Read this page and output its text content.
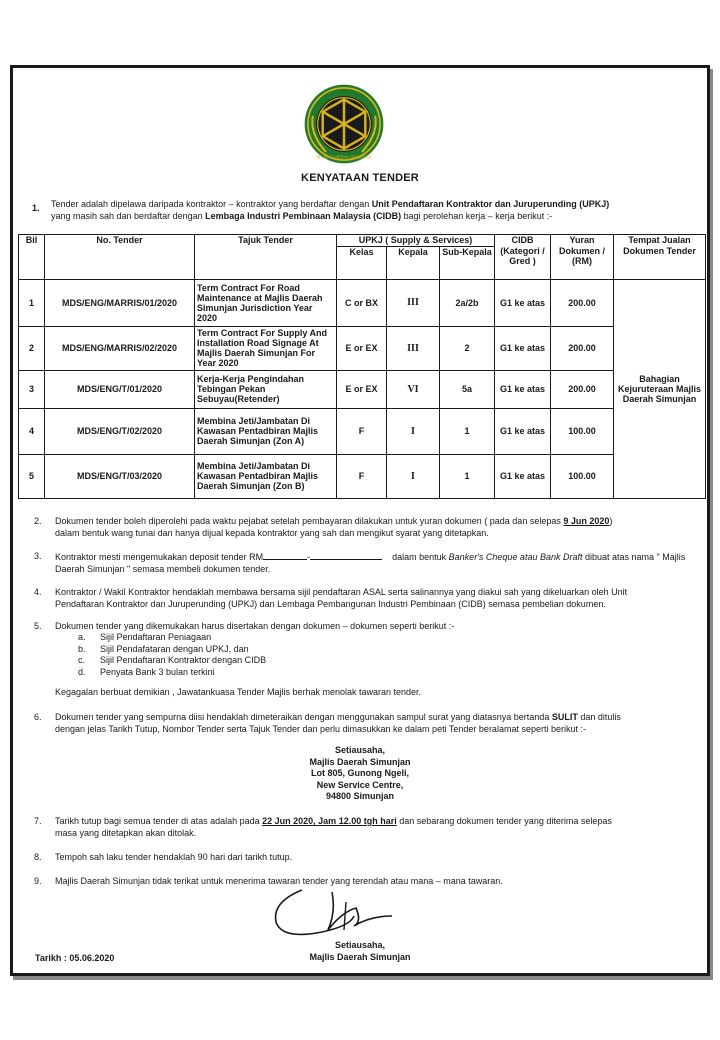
MAJLIS DAERAH SIMUNJAN
KENYATAAN TENDER
1. Tender adalah dipelawa daripada kontraktor – kontraktor yang berdaftar dengan Unit Pendaftaran Kontraktor dan Juruperunding (UPKJ)
yang masih sah dan berdaftar dengan Lembaga Industri Pembinaan Malaysia (CIDB) bagi perolehan kerja – kerja berikut :-
Bil	No. Tender	Tajuk Tender	UPKJ ( Supply & Services)			CIDB (Kategori / Gred )	Yuran Dokumen / (RM)	Tempat Jualan Dokumen Tender
			Kelas	Kepala	Sub-Kepala			
1	MDS/ENG/MARRIS/01/2020	Term Contract For Road Maintenance at Majlis Daerah Simunjan Jurisdiction Year 2020	C or BX	III	2a/2b	G1 ke atas	200.00	Bahagian Kejuruteraan Majlis Daerah Simunjan
2	MDS/ENG/MARRIS/02/2020	Term Contract For Supply And Installation Road Signage At Majlis Daerah Simunjan For Year 2020	E or EX	III	2	G1 ke atas	200.00	
3	MDS/ENG/T/01/2020	Kerja-Kerja Pengindahan Tebingan Pekan Sebuyau(Retender)	E or EX	VI	5a	G1 ke atas	200.00	
4	MDS/ENG/T/02/2020	Membina Jeti/Jambatan Di Kawasan Pentadbiran Majlis Daerah Simunjan (Zon A)	F	I	1	G1 ke atas	100.00	
5	MDS/ENG/T/03/2020	Membina Jeti/Jambatan Di Kawasan Pentadbiran Majlis Daerah Simunjan (Zon B)	F	I	1	G1 ke atas	100.00	
2. Dokumen tender boleh diperolehi pada waktu pejabat setelah pembayaran dilakukan untuk yuran dokumen ( pada dan selepas 9 Jun 2020)
dalam bentuk wang tunai dan hanya dijual kepada kontraktor yang sah dan mengikut syarat yang ditetapkan.
3. Kontraktor mesti mengemukakan deposit tender RM	-	dalam bentuk Banker's Cheque atau Bank Draft dibuat atas nama " Majlis
Daerah Simunjan " semasa membeli dokumen tender.
4. Kontraktor / Wakil Kontraktor hendaklah membawa bersama sijil pendaftaran ASAL serta salinannya yang diakui sah yang dikeluarkan oleh Unit
Pendaftaran Kontraktor dan Juruperunding (UPKJ) dan Lembaga Pembangunan Industri Pembinaan (CIDB) semasa pembelian dokumen.
5. Dokumen tender yang dikemukakan harus disertakan dengan dokumen – dokumen seperti berikut :-
a. Sijil Pendaftaran Peniagaan
b. Sijil Pendafataran dengan UPKJ, dan
c. Sijil Pendaftaran Kontraktor dengan CIDB
d. Penyata Bank 3 bulan terkini
Kegagalan berbuat demikian , Jawatankuasa Tender Majlis berhak menolak tawaran tender.
6. Dokumen tender yang sempurna diisi hendaklah dimeteraikan dengan menggunakan sampul surat yang diatasnya bertanda SULIT dan ditulis
dengan jelas Tarikh Tutup, Nombor Tender serta Tajuk Tender dan perlu dimasukkan ke dalam peti Tender beralamat seperti berikut :-
Setiausaha,
Majlis Daerah Simunjan
Lot 805, Gunong Ngeli,
New Service Centre,
94800 Simunjan
7. Tarikh tutup bagi semua tender di atas adalah pada 22 Jun 2020, Jam 12.00 tgh hari dan sebarang dokumen tender yang diterima selepas
masa yang ditetapkan akan ditolak.
8. Tempoh sah laku tender hendaklah 90 hari dari tarikh tutup.
9. Majlis Daerah Simunjan tidak terikat untuk menerima tawaran tender yang terendah atau mana – mana tawaran.
Setiausaha,
Majlis Daerah Simunjan
Tarikh : 05.06.2020
